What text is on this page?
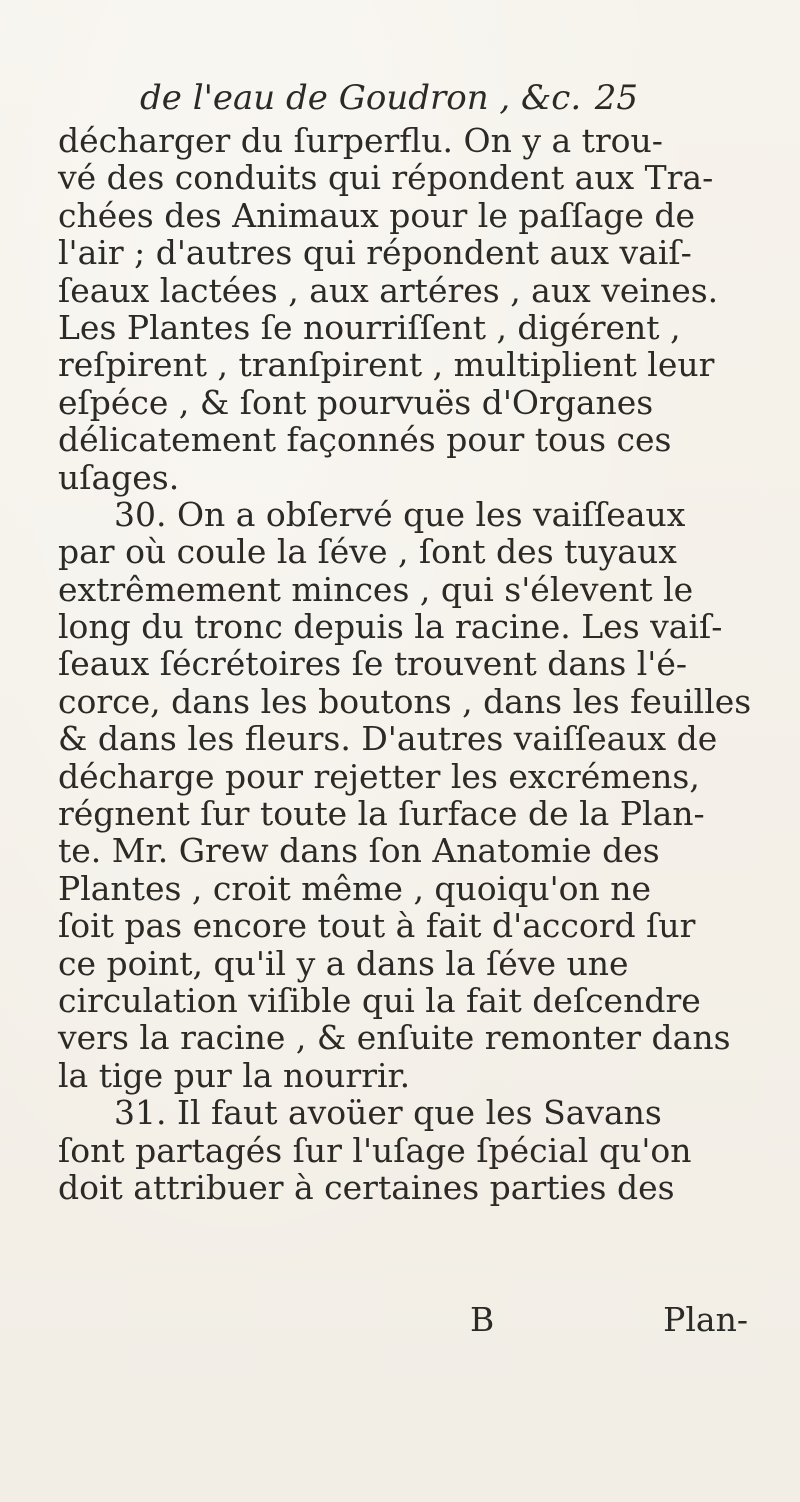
de l'eau de Goudron , &c. 25
décharger du ſurperflu. On y a trou-
vé des conduits qui répondent aux Tra-
chées des Animaux pour le paſſage de
l'air ; d'autres qui répondent aux vaiſ-
ſeaux lactées , aux artéres , aux veines.
Les Plantes ſe nourriſſent , digérent ,
reſpirent , tranſpirent , multiplient leur
eſpéce , & ſont pourvuës d'Organes
délicatement façonnés pour tous ces
uſages.
30. On a obſervé que les vaiſſeaux
par où coule la ſéve , ſont des tuyaux
extrêmement minces , qui s'élevent le
long du tronc depuis la racine. Les vaiſ-
ſeaux ſécrétoires ſe trouvent dans l'é-
corce, dans les boutons , dans les feuilles
& dans les fleurs. D'autres vaiſſeaux de
décharge pour rejetter les excrémens,
régnent ſur toute la ſurface de la Plan-
te. Mr. Grew dans ſon Anatomie des
Plantes , croit même , quoiqu'on ne
ſoit pas encore tout à fait d'accord ſur
ce point, qu'il y a dans la ſéve une
circulation viſible qui la fait deſcendre
vers la racine , & enſuite remonter dans
la tige pur la nourrir.
31. Il faut avoüer que les Savans
ſont partagés ſur l'uſage ſpécial qu'on
doit attribuer à certaines parties des
B	Plan-
